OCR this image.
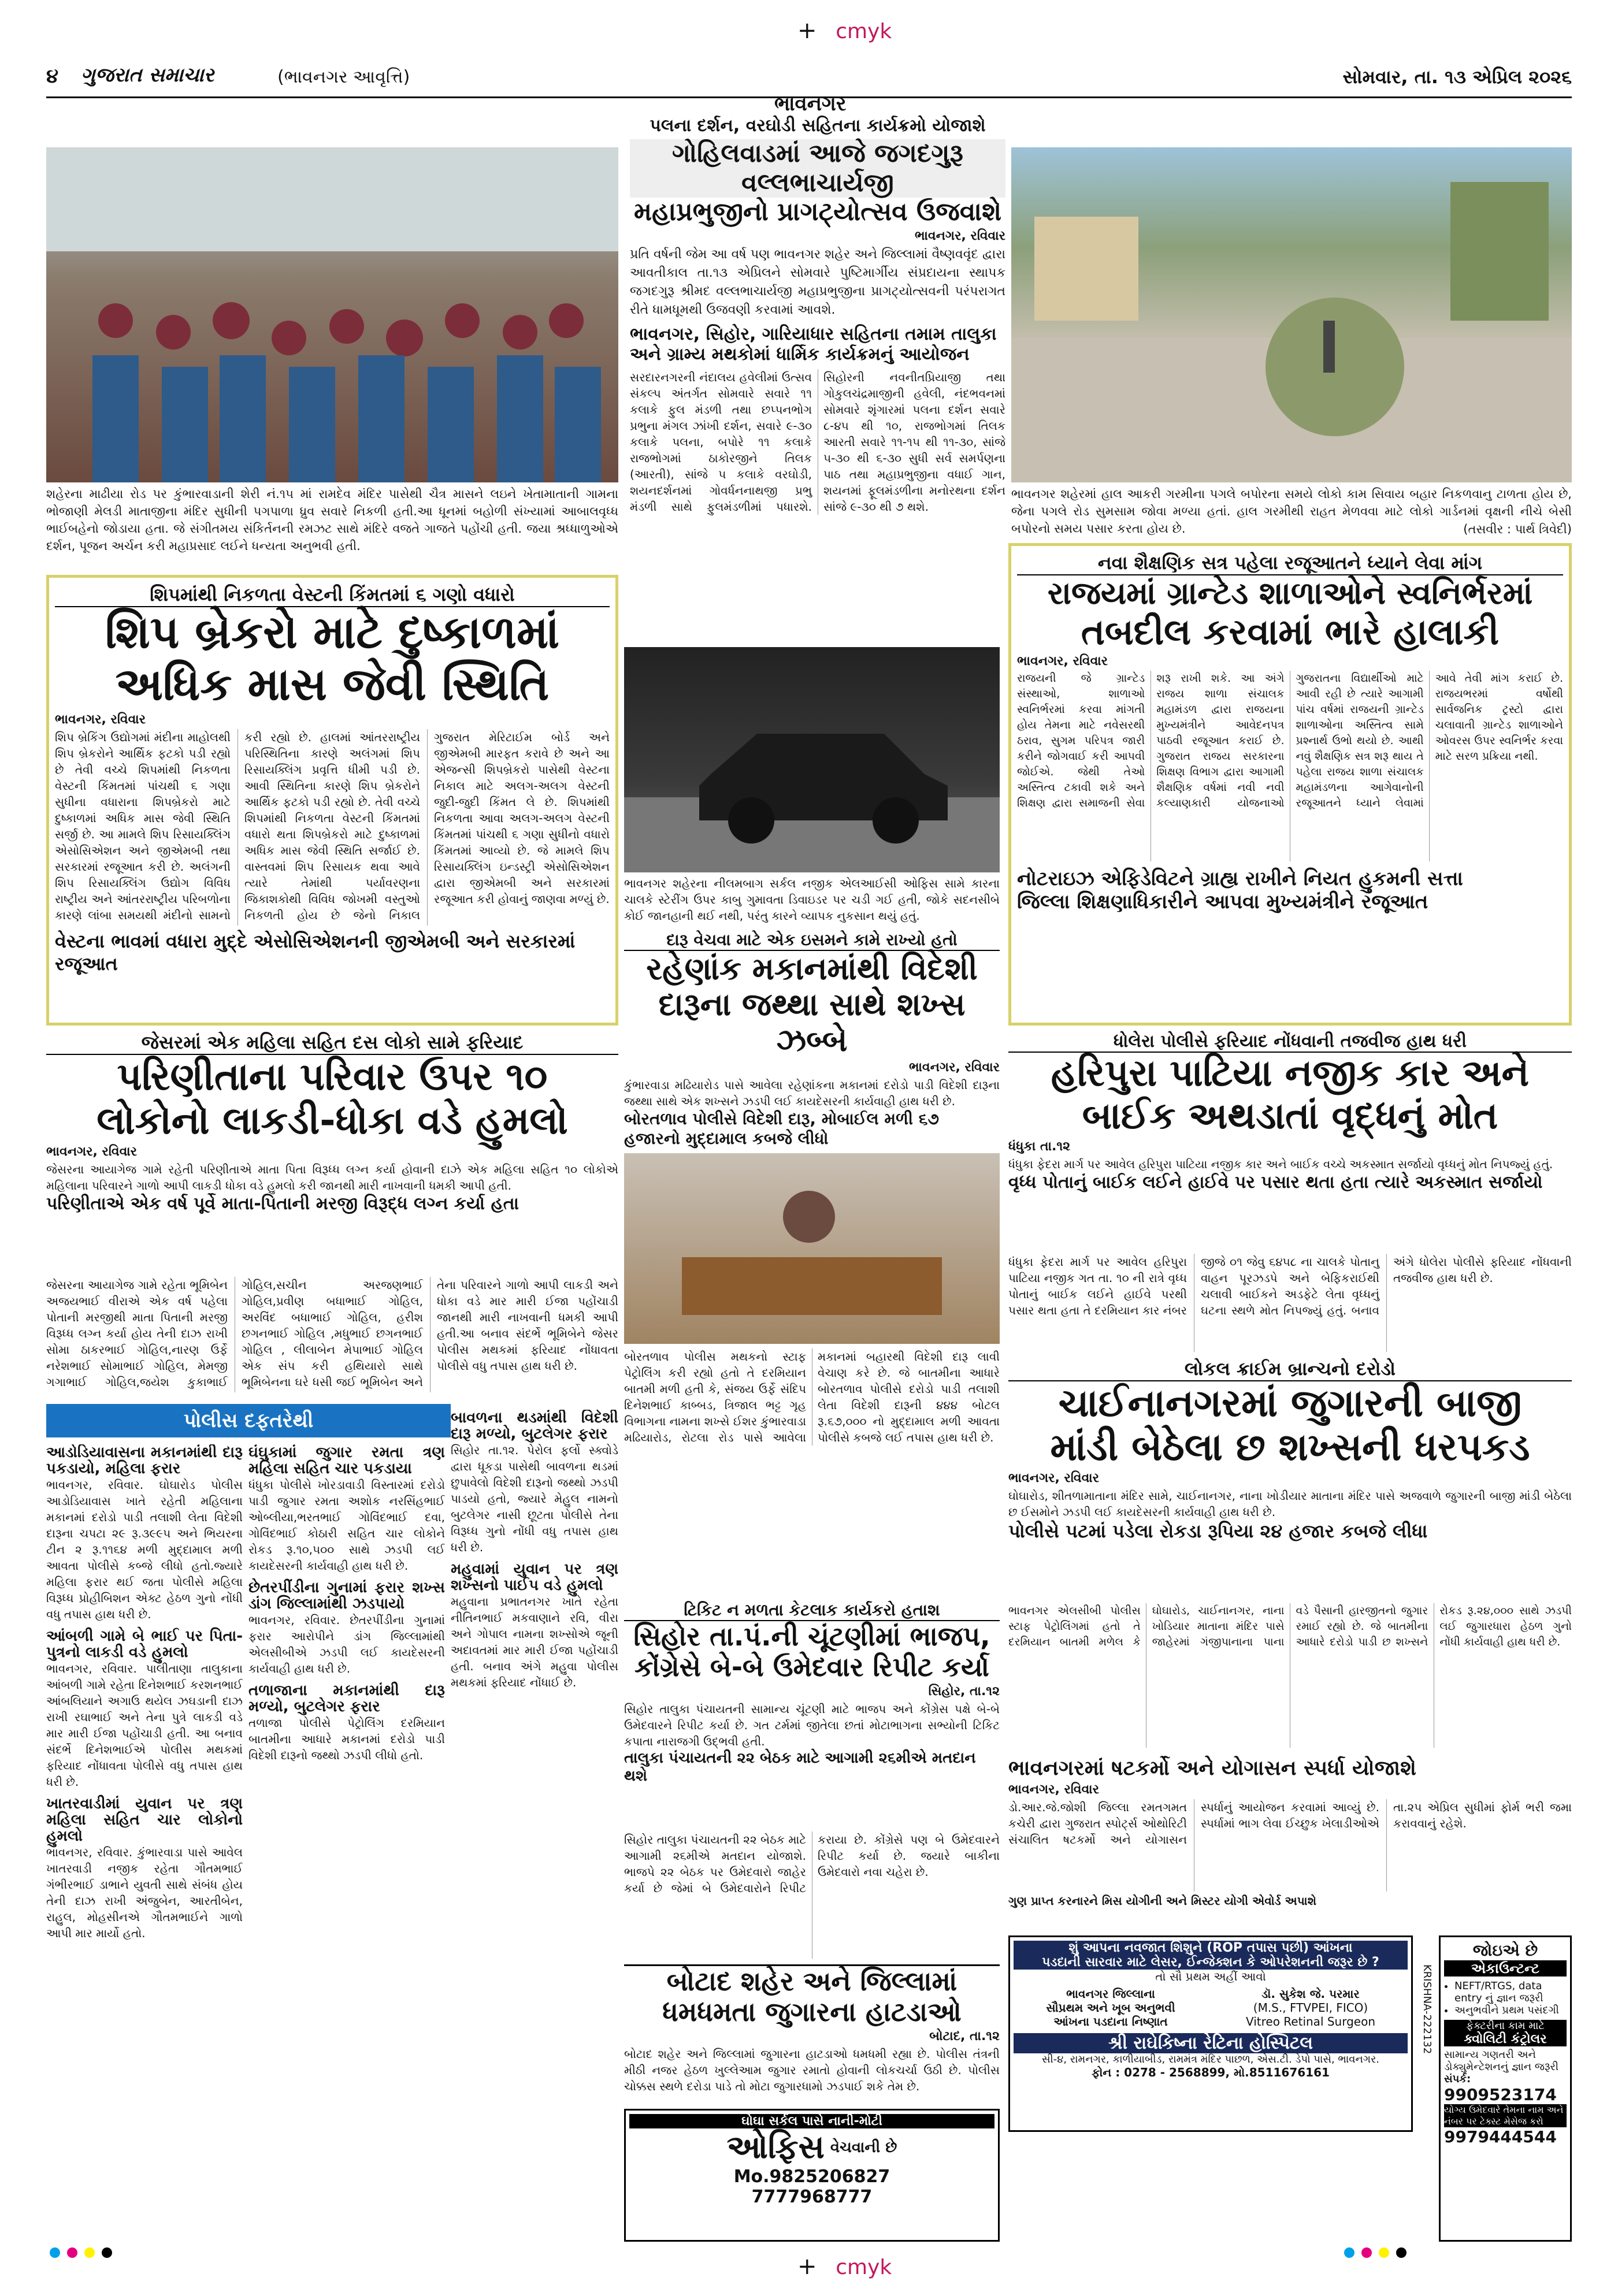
+ cmyk
+ cmyk
૪ ગુજરાત સમાચાર	(ભાવનગર આવૃત્તિ)
ભાવનગર
સોમવાર, તા. ૧૩ એપ્રિલ ૨૦૨૬
શહેરના માઢીયા રોડ પર કુંભારવાડાની શેરી નં.૧૫ માં રામદેવ મંદિર પાસેથી ચૈત્ર માસને લઇને ખેતામાતાની ગામના ભોજાણી મેલડી માતાજીના મંદિર સુધીની પગપાળા ધ્રુવ સવારે નિકળી હતી.આ ધૂનમાં બહોળી સંખ્યામાં આબાલવૃધ્ધ ભાઈબહેનો જોડાયા હતા. જે સંગીતમય સંકિર્તનની રમઝટ સાથે મંદિરે વજતે ગાજતે પહોંચી હતી. જયા શ્રધ્ધાળુઓએ દર્શન, પૂજન અર્ચન કરી મહાપ્રસાદ લઈને ધન્યતા અનુભવી હતી.
પલના દર્શન, વરઘોડી સહિતના કાર્યક્રમો યોજાશે
ગોહિલવાડમાં આજે જગદગુરૂ વલ્લભાચાર્યજી
મહાપ્રભુજીનો પ્રાગટ્યોત્સવ ઉજવાશે
ભાવનગર, રવિવાર
પ્રતિ વર્ષની જેમ આ વર્ષ પણ ભાવનગર શહેર અને જિલ્લામાં વૈષ્ણવવૃંદ દ્વારા આવતીકાલ તા.૧૩ એપ્રિલને સોમવારે પુષ્ટિમાર્ગીય સંપ્રદાયના સ્થાપક જગદગુરૂ શ્રીમદ વલ્લભાચાર્યજી મહાપ્રભુજીના પ્રાગટ્યોત્સવની પરંપરાગત રીતે ધામધૂમથી ઉજવણી કરવામાં આવશે.
ભાવનગર, સિહોર, ગારિયાધાર સહિતના તમામ તાલુકા અને ગ્રામ્ય મથકોમાં ધાર્મિક કાર્યક્રમનું આયોજન
સરદારનગરની નંદાલય હવેલીમાં ઉત્સવ સંકલ્પ અંતર્ગત સોમવારે સવારે ૧૧ કલાકે ફુલ મંડળી તથા છપ્પનભોગ પ્રભુના મંગલ ઝાંખી દર્શન, સવારે ૯-૩૦ કલાકે પલના, બપોરે ૧૧ કલાકે રાજભોગમાં ઠાકોરજીને તિલક (આરતી), સાંજે ૫ કલાકે વરઘોડી, શયનદર્શનમાં ગોવર્ધનનાથજી પ્રભુ મંડળી સાથે ફુલમંડળીમાં પધારશે. સિહોરની નવનીતપ્રિયાજી તથા ગોકુલચંદ્રમાજીની હવેલી, નંદભવનમાં સોમવારે શૃંગારમાં પલના દર્શન સવારે ૮-૪૫ થી ૧૦, રાજભોગમાં તિલક આરતી સવારે ૧૧-૧૫ થી ૧૧-૩૦, સાંજે ૫-૩૦ થી ૬-૩૦ સુધી સર્વ સમર્પણના પાઠ તથા મહાપ્રભુજીના વધાઈ ગાન, શયનમાં ફૂલમંડળીના મનોરથના દર્શન સાંજે ૯-૩૦ થી ૭ થશે.
ભાવનગર શહેરમાં હાલ આકરી ગરમીના પગલે બપોરના સમયે લોકો કામ સિવાય બહાર નિકળવાનુ ટાળતા હોય છે, જેના પગલે રોડ સુમસામ જોવા મળ્યા હતાં. હાલ ગરમીથી રાહત મેળવવા માટે લોકો ગાર્ડનમાં વૃક્ષની નીચે બેસી બપોરનો સમય પસાર કરતા હોય છે.	(તસવીર : પાર્થ ત્રિવેદી)
શિપમાંથી નિકળતા વેસ્ટની કિંમતમાં ૬ ગણો વધારો
શિપ બ્રેકરો માટે દુષ્કાળમાં
અધિક માસ જેવી સ્થિતિ
ભાવનગર, રવિવાર
શિપ બ્રેકિંગ ઉદ્યોગમાં મંદીના માહોલથી શિપ બ્રેકરોને આર્થિક ફટકો પડી રહ્યો છે તેવી વચ્ચે શિપમાંથી નિકળતા વેસ્ટની કિંમતમાં પાંચથી ૬ ગણા સુધીના વધારાના શિપબ્રેકરો માટે દુષ્કાળમાં અધિક માસ જેવી સ્થિતિ સર્જી છે. આ મામલે શિપ રિસાયક્લિંગ એસોસિએશન અને જીએમબી તથા સરકારમાં રજૂઆત કરી છે. અલંગની શિપ રિસાયક્લિંગ ઉદ્યોગ વિવિધ રાષ્ટ્રીય અને આંતરરાષ્ટ્રીય પરિબળોના કારણે લાંબા સમયથી મંદીનો સામનો કરી રહ્યો છે. હાલમાં આંતરરાષ્ટ્રીય પરિસ્થિતિના કારણે અલંગમાં શિપ રિસાયક્લિંગ પ્રવૃત્તિ ધીમી પડી છે. આવી સ્થિતિના કારણે શિપ બ્રેકરોને આર્થિક ફટકો પડી રહ્યો છે. તેવી વચ્ચે શિપમાંથી નિકળતા વેસ્ટની કિંમતમાં વધારો થતા શિપબ્રેકરો માટે દુષ્કાળમાં અધિક માસ જેવી સ્થિતિ સર્જાઈ છે. વાસ્તવમાં શિપ રિસાયક થવા આવે ત્યારે તેમાંથી પર્યાવરણના જિકાશકોથી વિવિધ જોખમી વસ્તુઓ નિકળતી હોય છે જેનો નિકાલ ગુજરાત મેરિટાઈમ બોર્ડ અને જીએમબી મારફત કરાવે છે અને આ એજન્સી શિપબ્રેકરો પાસેથી વેસ્ટના નિકાલ માટે અલગ-અલગ વેસ્ટની જુદી-જુદી કિંમત લે છે. શિપમાંથી નિકળતા આવા અલગ-અલગ વેસ્ટની કિંમતમાં પાંચથી ૬ ગણા સુધીનો વધારો કિંમતમાં આવ્યો છે. જે મામલે શિપ રિસાયક્લિંગ ઇન્ડસ્ટ્રી એસોસિએશન દ્વારા જીએમબી અને સરકારમાં રજૂઆત કરી હોવાનું જાણવા મળ્યું છે.
વેસ્ટના ભાવમાં વધારા મુદ્દે એસોસિએશનની જીએમબી અને સરકારમાં રજૂઆત
ભાવનગર શહેરના નીલમબાગ સર્કલ નજીક એલઆઈસી ઓફિસ સામે કારના ચાલકે સ્ટેરીંગ ઉપર કાબુ ગુમાવતા ડિવાઇડર પર ચડી ગઈ હતી, જોકે સદનસીબે કોઈ જાનહાની થઈ નથી, પરંતુ કારને વ્યાપક નુકસાન થયું હતું.
નવા શૈક્ષણિક સત્ર પહેલા રજૂઆતને ધ્યાને લેવા માંગ
રાજયમાં ગ્રાન્ટેડ શાળાઓને સ્વનિર્ભરમાં
તબદીલ કરવામાં ભારે હાલાકી
ભાવનગર, રવિવાર
રાજયની જે ગ્રાન્ટેડ સંસ્થાઓ, શાળાઓ સ્વનિર્ભરમાં કરવા માંગતી હોય તેમના માટે નવેસરથી ઠરાવ, સુગમ પરિપત્ર જારી કરીને જોગવાઈ કરી આપવી જોઈએ. જેથી તેઓ અસ્તિત્વ ટકાવી શકે અને શિક્ષણ દ્વારા સમાજની સેવા શરૂ રાખી શકે. આ અંગે રાજય શાળા સંચાલક મહામંડળ દ્વારા રાજયના મુખ્યમંત્રીને આવેદનપત્ર પાઠવી રજૂઆત કરાઈ છે. ગુજરાત રાજય સરકારના શિક્ષણ વિભાગ દ્વારા આગામી શૈક્ષણિક વર્ષમાં નવી નવી કલ્યાણકારી યોજનાઓ ગુજરાતના વિદ્યાર્થીઓ માટે આવી રહી છે ત્યારે આગામી પાંચ વર્ષમાં રાજયની ગ્રાન્ટેડ શાળાઓના અસ્તિત્વ સામે પ્રશ્નાર્થ ઉભો થયો છે. આથી નવું શૈક્ષણિક સત્ર શરૂ થાય તે પહેલા રાજય શાળા સંચાલક મહામંડળના આગેવાનોની રજૂઆતને ધ્યાને લેવામાં આવે તેવી માંગ કરાઈ છે. રાજયભરમાં વર્ષોથી સાર્વજનિક ટ્રસ્ટો દ્વારા ચલાવાતી ગ્રાન્ટેડ શાળાઓને ઓવરસ ઉપર સ્વનિર્ભર કરવા માટે સરળ પ્રક્રિયા નથી.
નોટરાઇઝ એફિડેવિટને ગ્રાહ્ય રાખીને નિયત હુકમની સત્તા
જિલ્લા શિક્ષણાધિકારીને આપવા મુખ્યમંત્રીને રજૂઆત
દારૂ વેચવા માટે એક ઇસમને કામે રાખ્યો હતો
રહેણાંક મકાનમાંથી વિદેશી
દારૂના જથ્થા સાથે શખ્સ ઝબ્બે
ભાવનગર, રવિવાર
કુંભારવાડા મઢિયારોડ પાસે આવેલા રહેણાંકના મકાનમાં દરોડો પાડી વિદેશી દારૂના જથ્થા સાથે એક શખ્સને ઝડપી લઈ કાયદેસરની કાર્યવાહી હાથ ધરી છે.
બોરતળાવ પોલીસે વિદેશી દારૂ, મોબાઈલ મળી ૬૭ હજારનો મુદ્દામાલ કબજે લીધો
બોરતળાવ પોલીસ મથકનો સ્ટાફ પેટ્રોલિંગ કરી રહ્યો હતો તે દરમિયાન બાતમી મળી હતી કે, સંજય ઉર્ફે સંદિપ દિનેશભાઈ કાબ્બડ, ત્રિજાલ ભટ્ટ ગૃહ વિભાગના નામના શખ્સે ઈશર કુંભારવાડા મઢિયારોડ, રોટલા રોડ પાસે આવેલા મકાનમાં બહારથી વિદેશી દારૂ લાવી વેચાણ કરે છે. જે બાતમીના આધારે બોરતળાવ પોલીસે દરોડો પાડી તલાશી લેતા વિદેશી દારૂની ૪૪૪ બોટલ રૂ.૬૭,૦૦૦ નો મુદ્દામાલ મળી આવતા પોલીસે કબજે લઈ તપાસ હાથ ધરી છે.
જેસરમાં એક મહિલા સહિત દસ લોકો સામે ફરિયાદ
પરિણીતાના પરિવાર ઉપર ૧૦
લોકોનો લાકડી-ધોકા વડે હુમલો
ભાવનગર, રવિવાર
જેસરના આયાગેજ ગામે રહેતી પરિણીતાએ માતા પિતા વિરૂધ્ધ લગ્ન કર્યા હોવાની દાઝે એક મહિલા સહિત ૧૦ લોકોએ મહિલાના પરિવારને ગાળો આપી લાકડી ધોકા વડે હુમલો કરી જાનથી મારી નાખવાની ધમકી આપી હતી.
પરિણીતાએ એક વર્ષ પૂર્વે માતા-પિતાની મરજી વિરૂદ્ધ લગ્ન કર્યા હતા
જેસરના આયાગેજ ગામે રહેતા ભૂમિબેન અજયભાઈ વીરાએ એક વર્ષ પહેલા પોતાની મરજીથી માતા પિતાની મરજી વિરૂધ્ધ લગ્ન કર્યા હોય તેની દાઝ રાખી સોમા ઠાકરભાઈ ગોહિલ,નારણ ઉર્ફે નરેશભાઈ સોમાભાઈ ગોહિલ, મેમજી ગગાભાઈ ગોહિલ,જયેશ કુકાભાઈ ગોહિલ,સચીન અરજણભાઈ ગોહિલ,પ્રવીણ બધાભાઈ ગોહિલ, અરવિંદ બધાભાઈ ગોહિલ, હરીશ છગનભાઈ ગોહિલ ,મધુભાઈ છગનભાઈ ગોહિલ , લીલાબેન મેપાભાઈ ગોહિલ એક સંપ કરી હથિયારો સાથે ભૂમિબેનના ઘરે ધસી જઈ ભૂમિબેન અને તેના પરિવારને ગાળો આપી લાકડી અને ધોકા વડે માર મારી ઈજા પહોંચાડી જાનથી મારી નાખવાની ધમકી આપી હતી.આ બનાવ સંદર્ભે ભૂમિબેને જેસર પોલીસ મથકમાં ફરિયાદ નોંધાવતા પોલીસે વધુ તપાસ હાથ ધરી છે.
પોલીસ દફતરેથી
આડોડિયાવાસના મકાનમાંથી દારૂ પકડાયો, મહિલા ફરાર
ભાવનગર, રવિવાર. ઘોઘારોડ પોલીસ આડોડિયાવાસ ખાતે રહેતી મહિલાના મકાનમાં દરોડો પાડી તલાશી લેતા વિદેશી દારૂના ચપટા ૨૯ રૂ.૩૯૯૫ અને ભિયરના ટીન ૨ રૂ.૧૧૬૪ મળી મુદ્દામાલ મળી આવતા પોલીસે કબ્જે લીધો હતો.જ્યારે મહિલા ફરાર થઈ જતા પોલીસે મહિલા વિરૂધ્ધ પ્રોહીબિશન એક્ટ હેઠળ ગુનો નોંધી વધુ તપાસ હાથ ધરી છે.
આંબળી ગામે બે ભાઈ પર પિતા-પુત્રનો લાકડી વડે હુમલો
ભાવનગર, રવિવાર. પાલીતાણા તાલુકાના આંબળી ગામે રહેતા દિનેશભાઈ કરશનભાઈ આંબલિયાને અગાઉ થયેલ ઝઘડાની દાઝ રાખી રઘાભાઈ અને તેના પુત્રે લાકડી વડે માર મારી ઈજા પહોંચાડી હતી. આ બનાવ સંદર્ભે દિનેશભાઈએ પોલીસ મથકમાં ફરિયાદ નોંધાવતા પોલીસે વધુ તપાસ હાથ ધરી છે.
ખાતરવાડીમાં યુવાન પર ત્રણ મહિલા સહિત ચાર લોકોનો હુમલો
ભાવનગર, રવિવાર. કુંભારવાડા પાસે આવેલ ખાતરવાડી નજીક રહેતા ગૌતમભાઈ ગંભીરભાઈ ડાભાને યુવતી સાથે સંબંધ હોય તેની દાઝ રાખી અંજુબેન, આરતીબેન, રાહુલ, મોહસીનએ ગૌતમભાઈને ગાળો આપી માર માર્યો હતો.
ઘંઘુકામાં જુગાર રમતા ત્રણ મહિલા સહિત ચાર પકડાયા
ધંધુકા પોલીસે ખોરડાવાડી વિસ્તારમાં દરોડો પાડી જુગાર રમતા અશોક નરસિંહભાઈ ઓબ્લીયા,ભરતભાઈ ગોવિંદભાઈ દવા, ગોવિંદભાઈ કોઠારી સહિત ચાર લોકોને રોકડ રૂ.૧૦,૫૦૦ સાથે ઝડપી લઈ કાયદેસરની કાર્યવાહી હાથ ધરી છે.
છેતરપીંડીના ગુનામાં ફરાર શખ્સ ડાંગ જિલ્લામાંથી ઝડપાયો
ભાવનગર, રવિવાર. છેતરપીંડીના ગુનામાં ફરાર આરોપીને ડાંગ જિલ્લામાંથી એલસીબીએ ઝડપી લઈ કાયદેસરની કાર્યવાહી હાથ ધરી છે.
તળાજાના મકાનમાંથી દારૂ મળ્યો, બુટલેગર ફરાર
તળાજા પોલીસે પેટ્રોલિંગ દરમિયાન બાતમીના આધારે મકાનમાં દરોડો પાડી વિદેશી દારૂનો જથ્થો ઝડપી લીધો હતો.
બાવળના થડમાંથી વિદેશી દારૂ મળ્યો, બુટલેગર ફરાર
સિહોર તા.૧૨. પેરોલ ફર્લો સ્ક્વોડે દ્વારા ધૂકડા પાસેથી બાવળના થડમાં છુપાવેલો વિદેશી દારૂનો જથ્થો ઝડપી પાડયો હતો, જ્યારે મેહુલ નામનો બુટલેગર નાસી છૂટતા પોલીસે તેના વિરૂધ્ધ ગુનો નોંધી વધુ તપાસ હાથ ધરી છે.
મહુવામાં યુવાન પર ત્રણ શખ્સનો પાઈપ વડે હુમલો
મહુવાના પ્રભાતનગર ખાતે રહેતા નીતિનભાઈ મકવાણાને રવિ, વીરા અને ગોપાલ નામના શખ્સોએ જૂની અદાવતમાં માર મારી ઈજા પહોંચાડી હતી. બનાવ અંગે મહુવા પોલીસ મથકમાં ફરિયાદ નોંધાઈ છે.
ટિકિટ ન મળતા કેટલાક કાર્યકરો હતાશ
સિહોર તા.પં.ની ચૂંટણીમાં ભાજપ,
કોંગ્રેસે બે-બે ઉમેદવાર રિપીટ કર્યા
સિહોર, તા.૧૨
સિહોર તાલુકા પંચાયતની સામાન્ય ચૂંટણી માટે ભાજપ અને કોંગ્રેસ પક્ષે બે-બે ઉમેદવારને રિપીટ કર્યા છે. ગત ટર્મમાં જીતેલા છતાં મોટાભાગના સભ્યોની ટિકિટ કપાતા નારાજગી ઉદ્ભવી હતી.
તાલુકા પંચાયતની ૨૨ બેઠક માટે આગામી ૨૬મીએ મતદાન થશે
સિહોર તાલુકા પંચાયતની ૨૨ બેઠક માટે આગામી ૨૬મીએ મતદાન યોજાશે. ભાજપે ૨૨ બેઠક પર ઉમેદવારો જાહેર કર્યા છે જેમાં બે ઉમેદવારોને રિપીટ કરાયા છે. કોંગ્રેસે પણ બે ઉમેદવારને રિપીટ કર્યા છે. જયારે બાકીના ઉમેદવારો નવા ચહેરા છે.
બોટાદ શહેર અને જિલ્લામાં
ધમધમતા જુગારના હાટડાઓ
બોટાદ, તા.૧૨
બોટાદ શહેર અને જિલ્લામાં જુગારના હાટડાઓ ધમધમી રહ્યા છે. પોલીસ તંત્રની મીઠી નજર હેઠળ ખુલ્લેઆમ જુગાર રમાતો હોવાની લોકચર્ચા ઉઠી છે. પોલીસ ચોક્કસ સ્થળે દરોડા પાડે તો મોટા જુગારધામો ઝડપાઈ શકે તેમ છે.
ધોલેરા પોલીસે ફરિયાદ નોંધવાની તજવીજ હાથ ધરી
હરિપુરા પાટિયા નજીક કાર અને
બાઈક અથડાતાં વૃદ્ધનું મોત
ધંધુકા તા.૧૨
ધંધુકા ફેદરા માર્ગ પર આવેલ હરિપુરા પાટિયા નજીક કાર અને બાઈક વચ્ચે અકસ્માત સર્જાયો વૃધ્ધનું મોત નિપજ્યું હતું.
વૃધ્ધ પોતાનું બાઈક લઈને હાઈવે પર પસાર થતા હતા ત્યારે અકસ્માત સર્જાયો
ધંધુકા ફેદરા માર્ગ પર આવેલ હરિપુરા પાટિયા નજીક ગત તા. ૧૦ ની રાત્રે વૃધ્ધ પોતાનું બાઈક લઈને હાઈવે પરથી પસાર થતા હતા તે દરમિયાન કાર નંબર જીજે ૦૧ જેવુ ૬૪૫૮ ના ચાલકે પોતાનુ વાહન પૂરઝડપે અને બેફિકરાઈથી ચલાવી બાઈકને અડફેટે લેતા વૃધ્ધનું ઘટના સ્થળે મોત નિપજ્યું હતું. બનાવ અંગે ધોલેરા પોલીસે ફરિયાદ નોંધવાની તજવીજ હાથ ધરી છે.
લોકલ ક્રાઈમ બ્રાન્ચનો દરોડો
ચાઈનાનગરમાં જુગારની બાજી
માંડી બેઠેલા છ શખ્સની ધરપકડ
ભાવનગર, રવિવાર
ઘોઘારોડ, શીતળામાતાના મંદિર સામે, ચાઈનાનગર, નાના ખોડીયાર માતાના મંદિર પાસે અજવાળે જુગારની બાજી માંડી બેઠેલા છ ઈસમોને ઝડપી લઈ કાયદેસરની કાર્યવાહી હાથ ધરી છે.
પોલીસે પટમાં પડેલા રોકડા રૂપિયા ૨૪ હજાર કબજે લીધા
ભાવનગર એલસીબી પોલીસ સ્ટાફ પેટ્રોલિંગમાં હતો તે દરમિયાન બાતમી મળેલ કે ઘોઘારોડ, ચાઈનાનગર, નાના ખોડિયાર માતાના મંદિર પાસે જાહેરમાં ગંજીપાનાના પાના વડે પૈસાની હારજીતનો જુગાર રમાઈ રહ્યો છે. જે બાતમીના આધારે દરોડો પાડી છ શખ્સને રોકડ રૂ.૨૪,૦૦૦ સાથે ઝડપી લઈ જુગારધારા હેઠળ ગુનો નોંધી કાર્યવાહી હાથ ધરી છે.
ભાવનગરમાં ષટકર્મો અને યોગાસન સ્પર્ધા યોજાશે
ભાવનગર, રવિવાર
ડો.આર.જે.જોશી જિલ્લા રમતગમત કચેરી દ્વારા ગુજરાત સ્પોર્ટ્સ ઓથોરિટી સંચાલિત ષટકર્મો અને યોગાસન સ્પર્ધાનું આયોજન કરવામાં આવ્યું છે. સ્પર્ધામાં ભાગ લેવા ઈચ્છુક ખેલાડીઓએ તા.૨૫ એપ્રિલ સુધીમાં ફોર્મ ભરી જમા કરાવવાનું રહેશે.
ગુણ પ્રાપ્ત કરનારને મિસ યોગીની અને મિસ્ટર યોગી એવોર્ડ અપાશે
શું આપના નવજાત શિશુને (ROP તપાસ પછી) આંખના
પડદાની સારવાર માટે લેસર, ઈન્જેક્શન કે ઓપરેશનની જરૂર છે ?
તો સૌ પ્રથમ અહીં આવો
ભાવનગર જિલ્લાના
સૌપ્રથમ અને ખૂબ અનુભવી
આંખના પડદાના નિષ્ણાત
ડૉ. સુકેશ જે. પરમાર
(M.S., FTVPEI, FICO)
Vitreo Retinal Surgeon
શ્રી રાઘેકિષ્ના રેટિના હોસ્પિટલ
સી-૪, રામનગર, કાળીયાબીડ, રામમંત્ર મંદિર પાછળ, એસ.ટી. ડેપો પાસે, ભાવનગર.
ફોન : 0278 - 2568899, મો.8511676161
KRISHNA-222132
ઘોઘા સર્કલ પાસે નાની-મોટી
ઓફિસ વેચવાની છે
Mo.9825206827
7777968777
જોઇએ છે
એકાઉન્ટન્ટ
• NEFT/RTGS, data entry નું જ્ઞાન જરૂરી
• અનુભવીને પ્રથમ પસંદગી
ફેક્ટરીના કામ માટે
ક્વોલિટી કંટ્રોલર
સામાન્ય ગણતરી અને ડોક્યુમેન્ટેશનનું જ્ઞાન જરૂરી
સંપર્ક:
9909523174
યોગ્ય ઉમેદવારે તેમના નામ અને નંબર પર ટેક્સ્ટ મેસેજ કરો
9979444544
